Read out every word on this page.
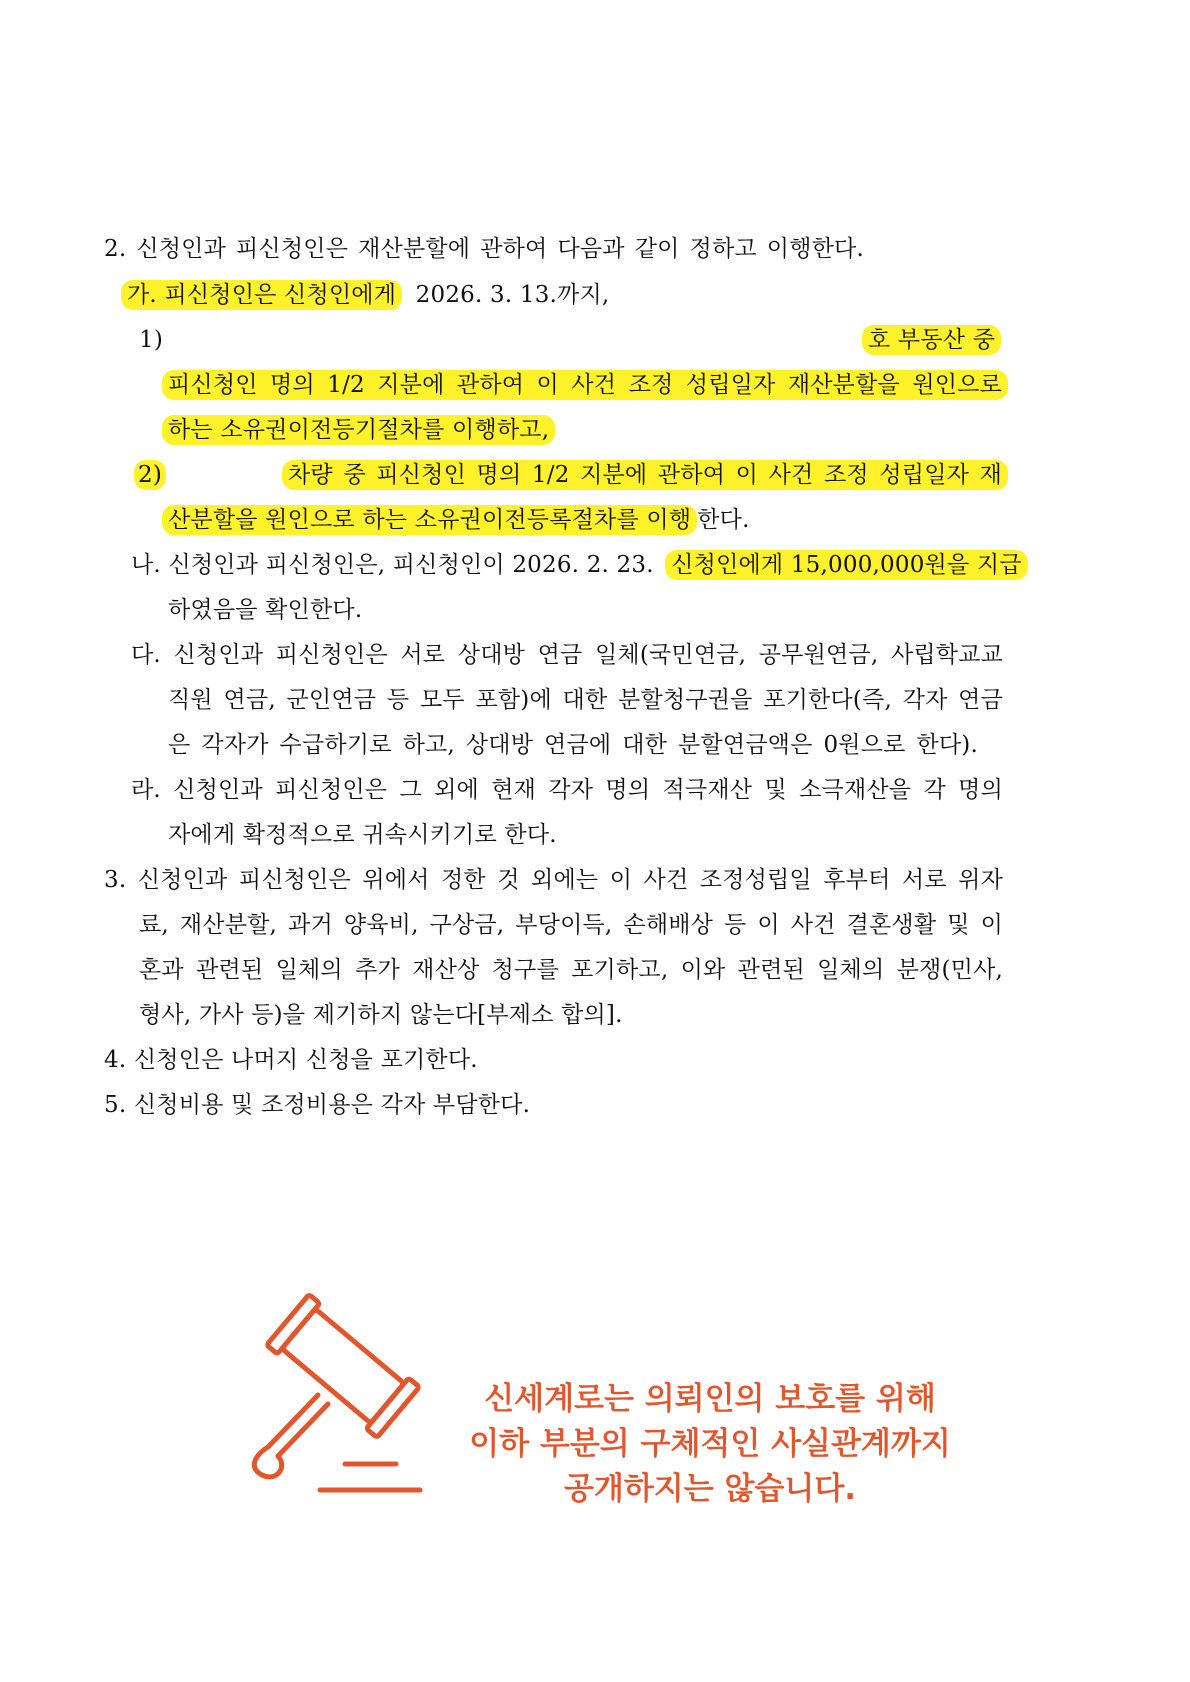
2. 신청인과 피신청인은 재산분할에 관하여 다음과 같이 정하고 이행한다.
가. 피신청인은 신청인에게 2026. 3. 13.까지,
1)	호 부동산 중
피신청인 명의 1/2 지분에 관하여 이 사건 조정 성립일자 재산분할을 원인으로
하는 소유권이전등기절차를 이행하고,
2)	차량 중 피신청인 명의 1/2 지분에 관하여 이 사건 조정 성립일자 재
산분할을 원인으로 하는 소유권이전등록절차를 이행 한다.
나. 신청인과 피신청인은, 피신청인이 2026. 2. 23. 신청인에게 15,000,000원을 지급
하였음을 확인한다.
다. 신청인과 피신청인은 서로 상대방 연금 일체(국민연금, 공무원연금, 사립학교교
직원 연금, 군인연금 등 모두 포함)에 대한 분할청구권을 포기한다(즉, 각자 연금
은 각자가 수급하기로 하고, 상대방 연금에 대한 분할연금액은 0원으로 한다).
라. 신청인과 피신청인은 그 외에 현재 각자 명의 적극재산 및 소극재산을 각 명의
자에게 확정적으로 귀속시키기로 한다.
3. 신청인과 피신청인은 위에서 정한 것 외에는 이 사건 조정성립일 후부터 서로 위자
료, 재산분할, 과거 양육비, 구상금, 부당이득, 손해배상 등 이 사건 결혼생활 및 이
혼과 관련된 일체의 추가 재산상 청구를 포기하고, 이와 관련된 일체의 분쟁(민사,
형사, 가사 등)을 제기하지 않는다[부제소 합의].
4. 신청인은 나머지 신청을 포기한다.
5. 신청비용 및 조정비용은 각자 부담한다.
신세계로는 의뢰인의 보호를 위해
이하 부분의 구체적인 사실관계까지
공개하지는 않습니다.
